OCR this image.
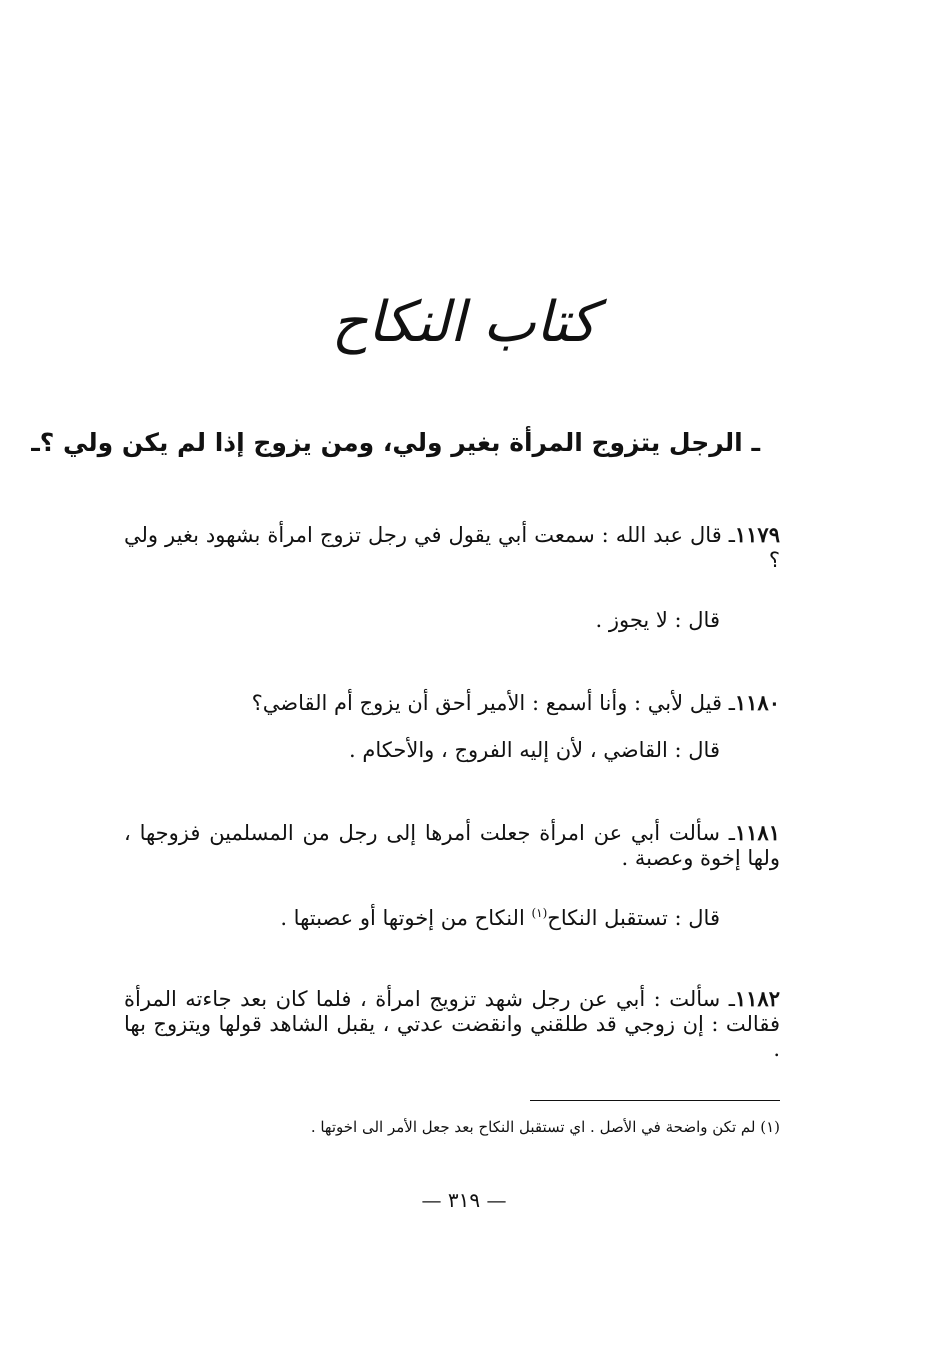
كتاب النكاح
ـ الرجل يتزوج المرأة بغير ولي، ومن يزوج إذا لم يكن ولي ؟ـ
١١٧٩ـ قال عبد الله : سمعت أبي يقول في رجل تزوج امرأة بشهود بغير ولي ؟
قال : لا يجوز .
١١٨٠ـ قيل لأبي : وأنا أسمع : الأمير أحق أن يزوج أم القاضي؟
قال : القاضي ، لأن إليه الفروج ، والأحكام .
١١٨١ـ سألت أبي عن امرأة جعلت أمرها إلى رجل من المسلمين فزوجها ، ولها إخوة وعصبة .
قال : تستقبل النكاح$^{(١)}$ النكاح من إخوتها أو عصبتها .
١١٨٢ـ سألت : أبي عن رجل شهد تزويج امرأة ، فلما كان بعد جاءته المرأة فقالت : إن زوجي قد طلقني وانقضت عدتي ، يقبل الشاهد قولها ويتزوج بها .
(١) لم تكن واضحة في الأصل . اي تستقبل النكاح بعد جعل الأمر الى اخوتها .
— ٣١٩ —
